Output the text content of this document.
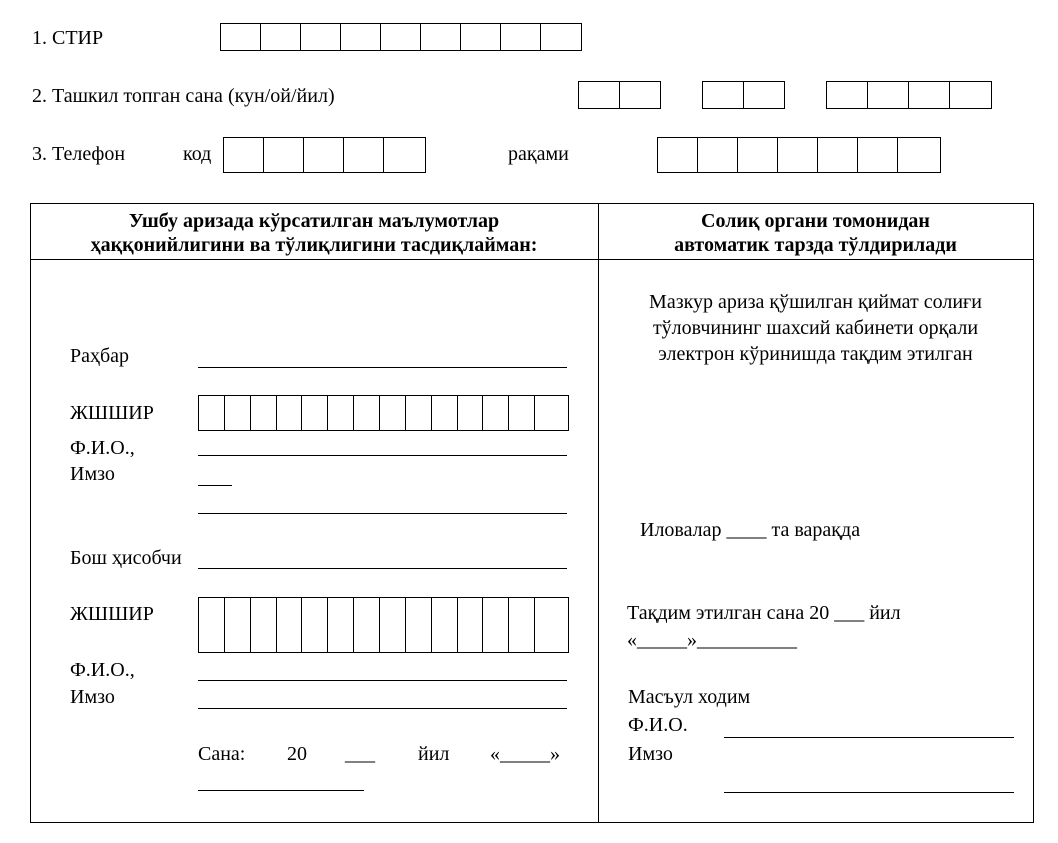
1. СТИР
2. Ташкил топган сана (кун/ой/йил)
3. Телефон	код	рақами
Ушбу аризада кўрсатилган маълумотлар
ҳаққонийлигини ва тўлиқлигини тасдиқлайман:
Солиқ органи томонидан
автоматик тарзда тўлдирилади
Раҳбар
ЖШШИР
Ф.И.О.,
Имзо
Бош ҳисобчи
ЖШШИР
Ф.И.О.,
Имзо
Сана: 20 ___ йил «_____»
Мазкур ариза қўшилган қиймат солиғи
тўловчининг шахсий кабинети орқали
электрон кўринишда тақдим этилган
Иловалар ____ та варақда
Тақдим этилган сана 20 ___ йил
«_____»__________
Масъул ходим
Ф.И.О.
Имзо
